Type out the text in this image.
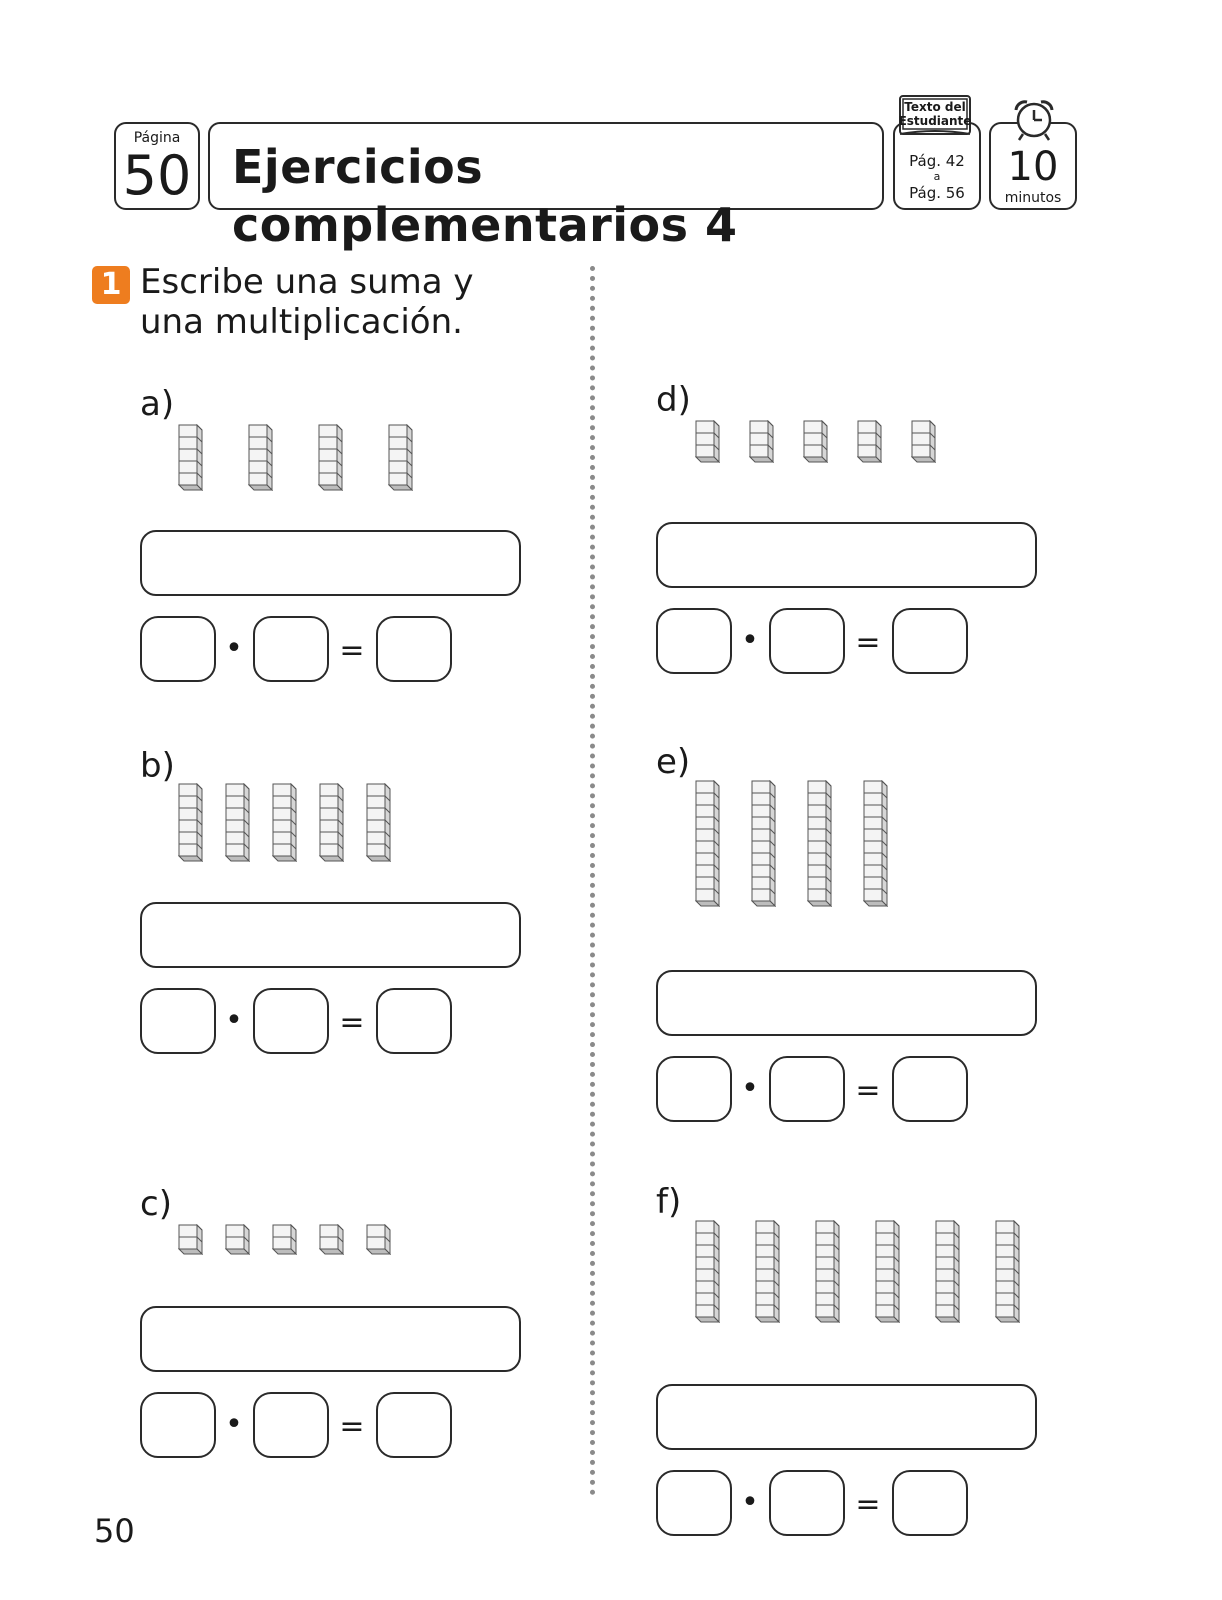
Página
50 Ejercicios complementarios 4
Pág. 42
a
Pág. 56
Texto del
Estudiante
10
minutos
1 Escribe una suma y
una multiplicación.
a)
•	=
b)
•	=
c)
•	=
d)
•	=
e)
•	=
f)
•	=
50
